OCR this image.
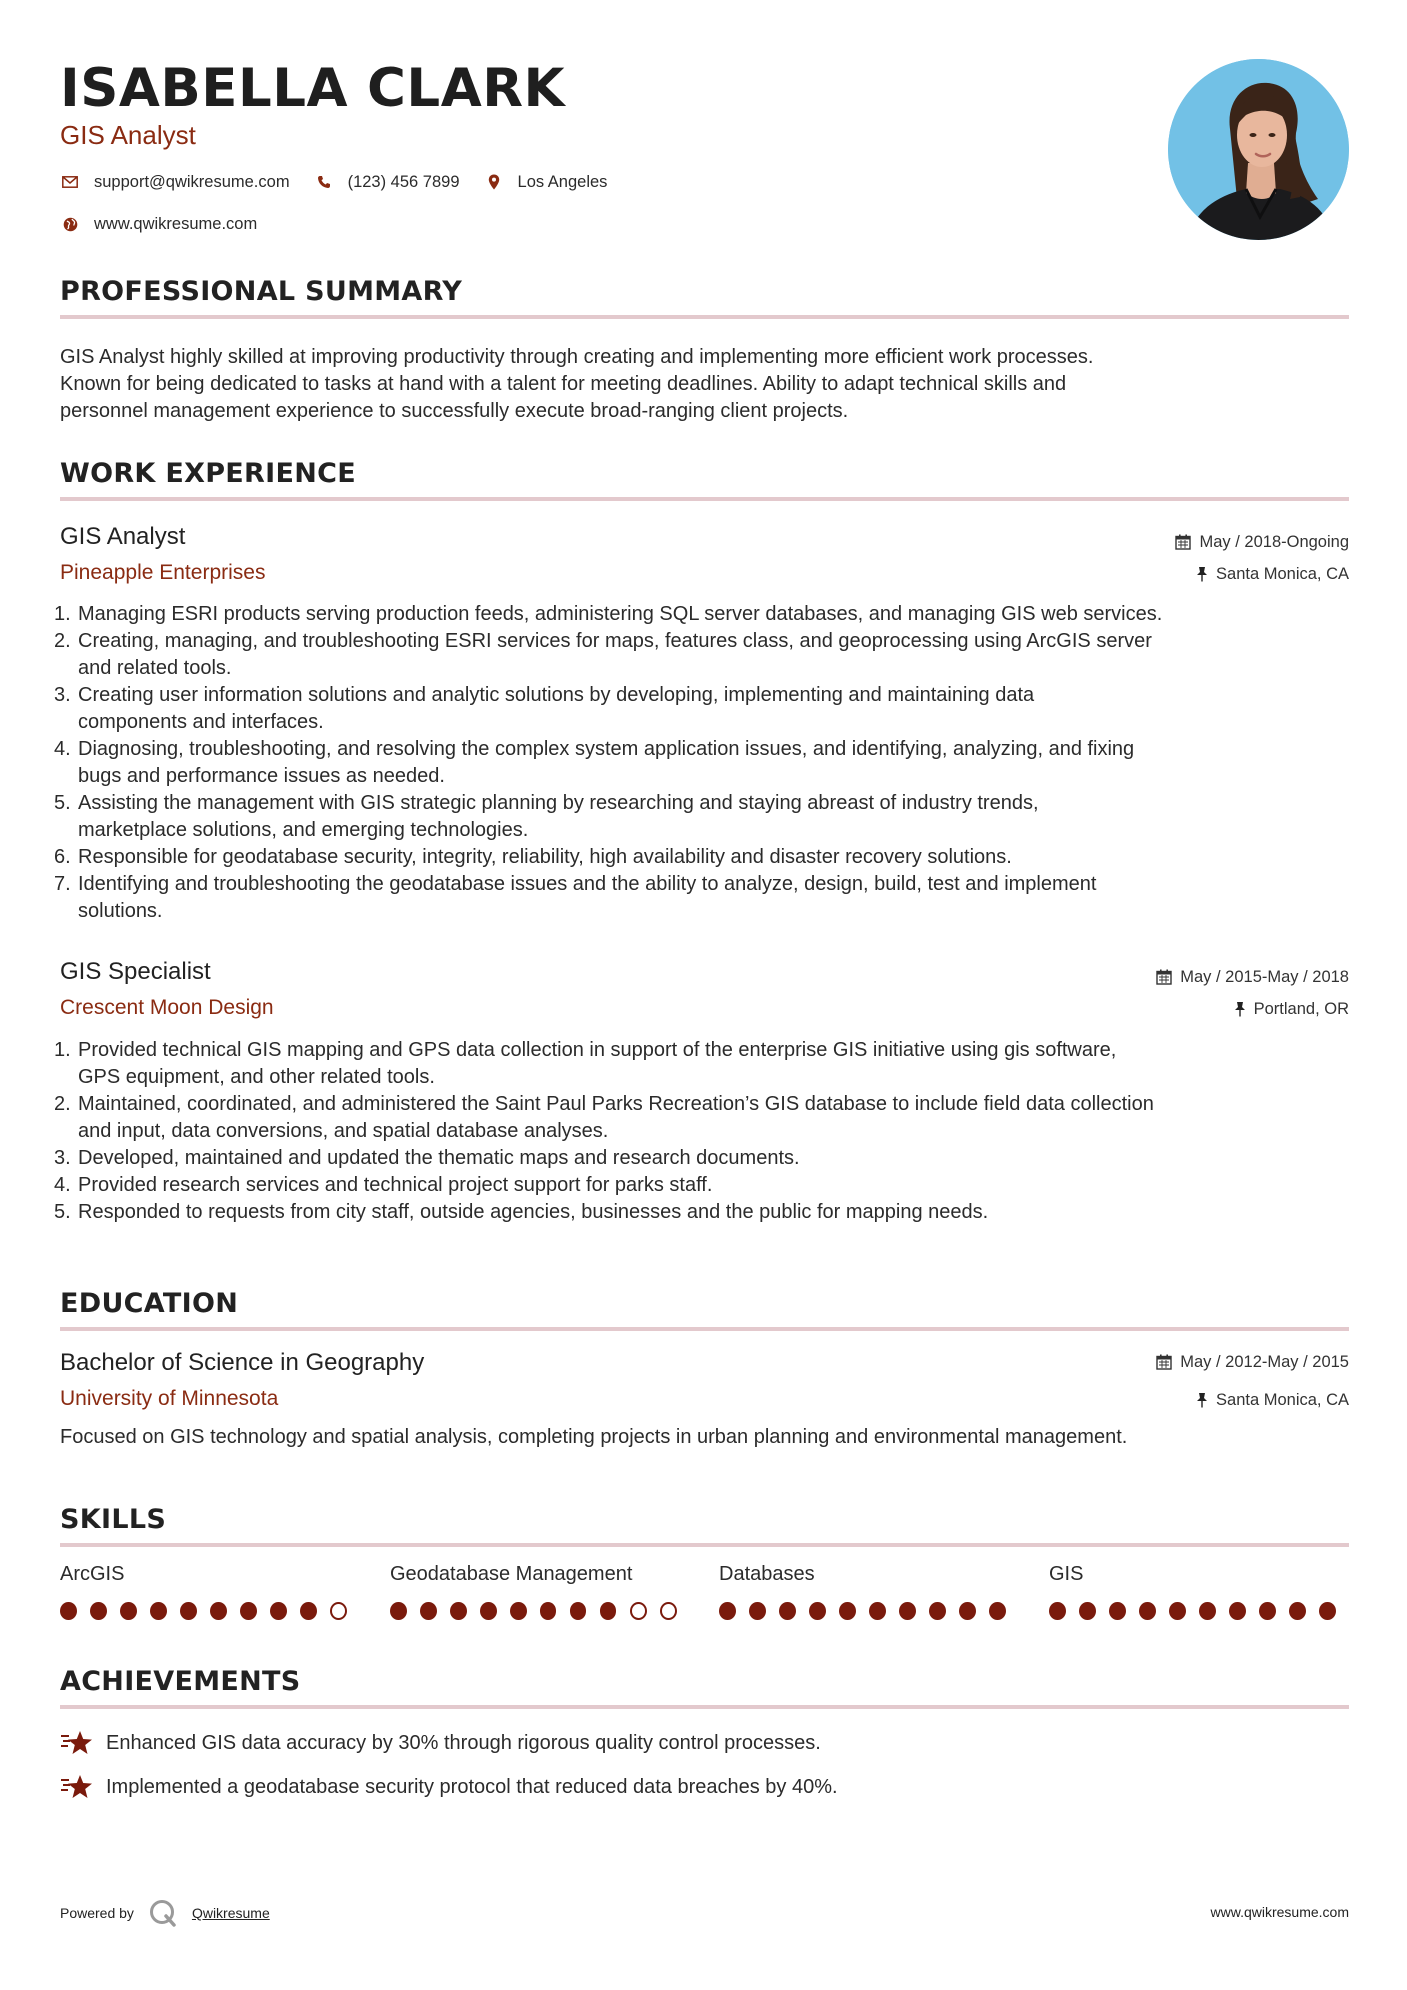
ISABELLA CLARK
GIS Analyst
support@qwikresume.com	(123) 456 7899	Los Angeles
www.qwikresume.com
PROFESSIONAL SUMMARY
GIS Analyst highly skilled at improving productivity through creating and implementing more efficient work processes.
Known for being dedicated to tasks at hand with a talent for meeting deadlines. Ability to adapt technical skills and
personnel management experience to successfully execute broad-ranging client projects.
WORK EXPERIENCE
GIS Analyst
Pineapple Enterprises
May / 2018-Ongoing
Santa Monica, CA
1. Managing ESRI products serving production feeds, administering SQL server databases, and managing GIS web services.
2. Creating, managing, and troubleshooting ESRI services for maps, features class, and geoprocessing using ArcGIS server
and related tools.
3. Creating user information solutions and analytic solutions by developing, implementing and maintaining data
components and interfaces.
4. Diagnosing, troubleshooting, and resolving the complex system application issues, and identifying, analyzing, and fixing
bugs and performance issues as needed.
5. Assisting the management with GIS strategic planning by researching and staying abreast of industry trends,
marketplace solutions, and emerging technologies.
6. Responsible for geodatabase security, integrity, reliability, high availability and disaster recovery solutions.
7. Identifying and troubleshooting the geodatabase issues and the ability to analyze, design, build, test and implement
solutions.
GIS Specialist
Crescent Moon Design
May / 2015-May / 2018
Portland, OR
1. Provided technical GIS mapping and GPS data collection in support of the enterprise GIS initiative using gis software,
GPS equipment, and other related tools.
2. Maintained, coordinated, and administered the Saint Paul Parks Recreation’s GIS database to include field data collection
and input, data conversions, and spatial database analyses.
3. Developed, maintained and updated the thematic maps and research documents.
4. Provided research services and technical project support for parks staff.
5. Responded to requests from city staff, outside agencies, businesses and the public for mapping needs.
EDUCATION
Bachelor of Science in Geography
University of Minnesota
May / 2012-May / 2015
Santa Monica, CA
Focused on GIS technology and spatial analysis, completing projects in urban planning and environmental management.
SKILLS
ArcGIS	Geodatabase Management	Databases	GIS
ACHIEVEMENTS
Enhanced GIS data accuracy by 30% through rigorous quality control processes.
Implemented a geodatabase security protocol that reduced data breaches by 40%.
Powered by	Qwikresume	www.qwikresume.com
